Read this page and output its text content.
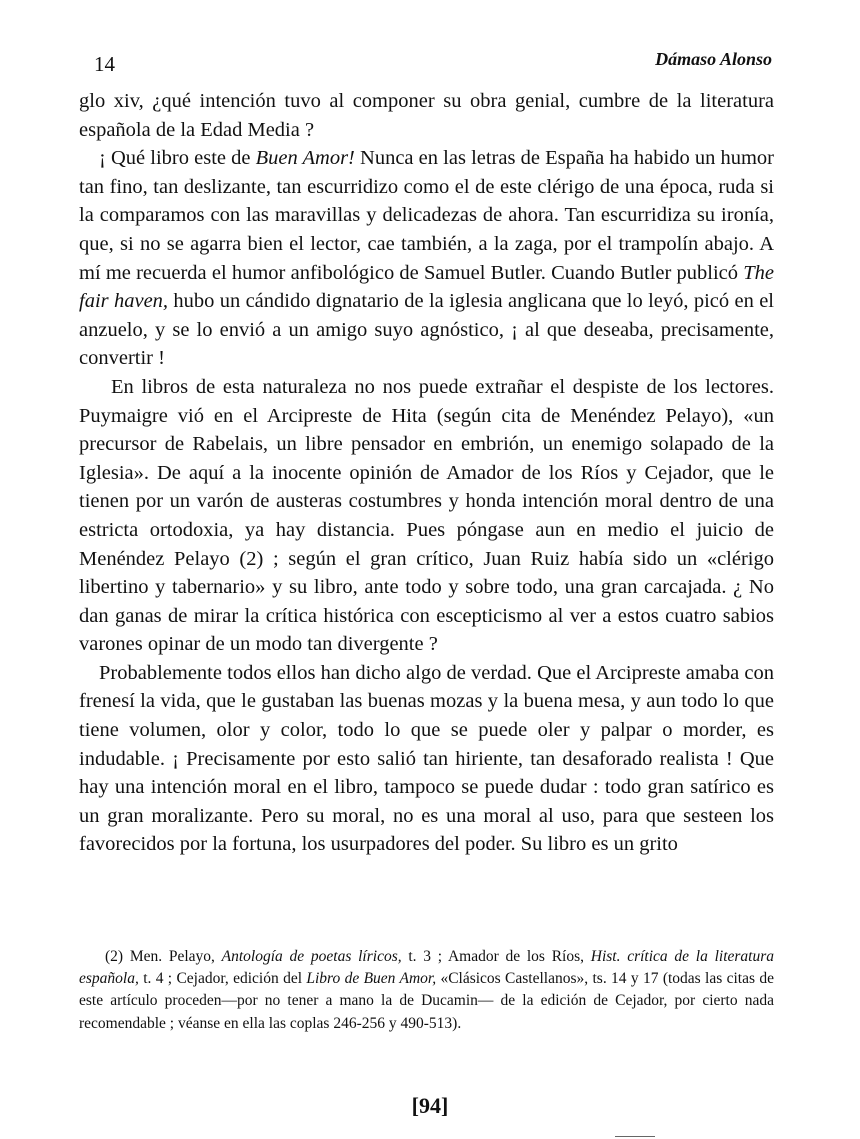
14	Dámaso Alonso

glo xiv, ¿qué intención tuvo al componer su obra genial, cumbre de la literatura española de la Edad Media ?

¡ Qué libro este de Buen Amor! Nunca en las letras de España ha habido un humor tan fino, tan deslizante, tan escurridizo como el de este clérigo de una época, ruda si la comparamos con las maravillas y delicadezas de ahora. Tan escurridiza su ironía, que, si no se agarra bien el lector, cae también, a la zaga, por el trampolín abajo. A mí me recuerda el humor anfibológico de Samuel Butler. Cuando Butler publicó The fair haven, hubo un cándido dignatario de la iglesia anglicana que lo leyó, picó en el anzuelo, y se lo envió a un amigo suyo agnóstico, ¡ al que deseaba, precisamente, convertir !

En libros de esta naturaleza no nos puede extrañar el despiste de los lectores. Puymaigre vió en el Arcipreste de Hita (según cita de Menéndez Pelayo), «un precursor de Rabelais, un libre pensador en embrión, un enemigo solapado de la Iglesia». De aquí a la inocente opinión de Amador de los Ríos y Cejador, que le tienen por un varón de austeras costumbres y honda intención moral dentro de una estricta ortodoxia, ya hay distancia. Pues póngase aun en medio el juicio de Menéndez Pelayo (2) ; según el gran crítico, Juan Ruiz había sido un «clérigo libertino y tabernario» y su libro, ante todo y sobre todo, una gran carcajada. ¿ No dan ganas de mirar la crítica histórica con escepticismo al ver a estos cuatro sabios varones opinar de un modo tan divergente ?

Probablemente todos ellos han dicho algo de verdad. Que el Arcipreste amaba con frenesí la vida, que le gustaban las buenas mozas y la buena mesa, y aun todo lo que tiene volumen, olor y color, todo lo que se puede oler y palpar o morder, es indudable. ¡ Precisamente por esto salió tan hiriente, tan desaforado realista ! Que hay una intención moral en el libro, tampoco se puede dudar : todo gran satírico es un gran moralizante. Pero su moral, no es una moral al uso, para que sesteen los favorecidos por la fortuna, los usurpadores del poder. Su libro es un grito

(2) Men. Pelayo, Antología de poetas líricos, t. 3 ; Amador de los Ríos, Hist. crítica de la literatura española, t. 4 ; Cejador, edición del Libro de Buen Amor, «Clásicos Castellanos», ts. 14 y 17 (todas las citas de este artículo proceden—por no tener a mano la de Ducamin— de la edición de Cejador, por cierto nada recomendable ; véanse en ella las coplas 246-256 y 490-513).

[94]
